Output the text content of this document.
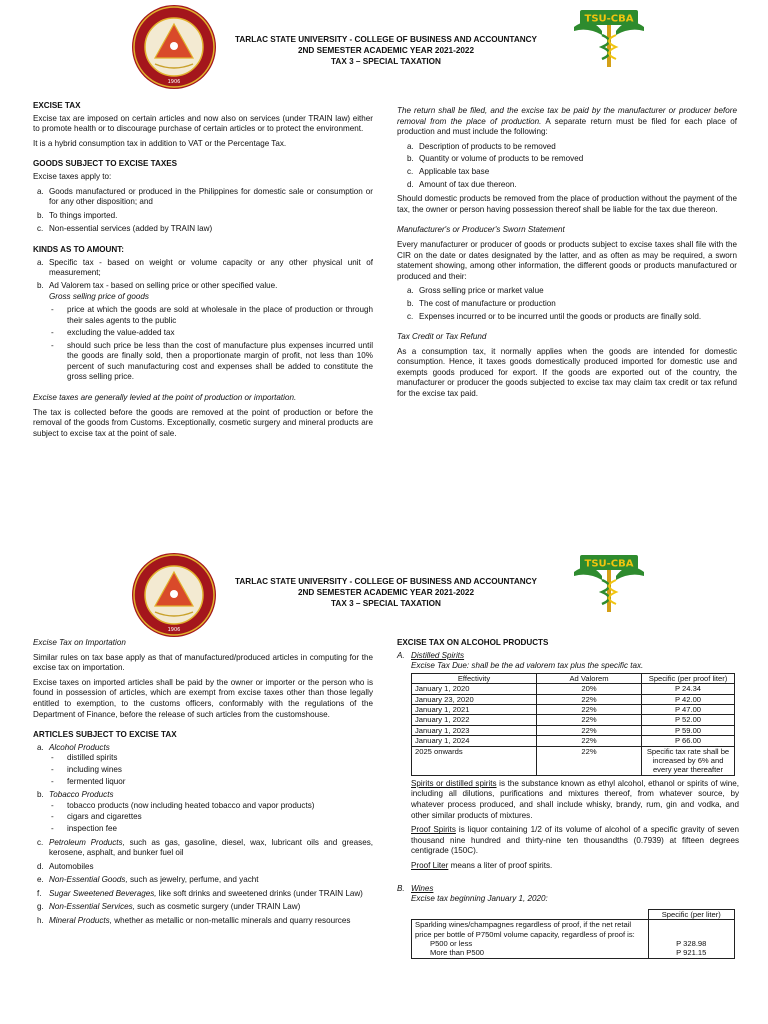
1906
TARLAC STATE UNIVERSITY - COLLEGE OF BUSINESS AND ACCOUNTANCY
2ND SEMESTER ACADEMIC YEAR 2021-2022
TAX 3 – SPECIAL TAXATION
TSU-CBA
EXCISE TAX

Excise tax are imposed on certain articles and now also on services (under TRAIN law) either to promote health or to discourage purchase of certain articles or to protect the environment.

It is a hybrid consumption tax in addition to VAT or the Percentage Tax.

GOODS SUBJECT TO EXCISE TAXES

Excise taxes apply to:

a. Goods manufactured or produced in the Philippines for domestic sale or consumption or for any other disposition; and
b. To things imported.
c. Non-essential services (added by TRAIN law)
KINDS AS TO AMOUNT:
a. Specific tax - based on weight or volume capacity or any other physical unit of measurement;
b. Ad Valorem tax - based on selling price or other specified value.
Gross selling price of goods
- price at which the goods are sold at wholesale in the place of production or through their sales agents to the public
- excluding the value-added tax
- should such price be less than the cost of manufacture plus expenses incurred until the goods are finally sold, then a proportionate margin of profit, not less than 10% percent of such manufacturing cost and expenses shall be added to constitute the gross selling price.

Excise taxes are generally levied at the point of production or importation.

The tax is collected before the goods are removed at the point of production or before the removal of the goods from Customs. Exceptionally, cosmetic surgery and mineral products are subject to excise tax at the point of sale.

The return shall be filed, and the excise tax be paid by the manufacturer or producer before removal from the place of production. A separate return must be filed for each place of production and must include the following:

a. Description of products to be removed
b. Quantity or volume of products to be removed
c. Applicable tax base
d. Amount of tax due thereon.

Should domestic products be removed from the place of production without the payment of the tax, the owner or person having possession thereof shall be liable for the tax due thereon.

Manufacturer's or Producer's Sworn Statement

Every manufacturer or producer of goods or products subject to excise taxes shall file with the CIR on the date or dates designated by the latter, and as often as may be required, a sworn statement showing, among other information, the different goods or products manufactured or produced and their:

a. Gross selling price or market value
b. The cost of manufacture or production
c. Expenses incurred or to be incurred until the goods or products are finally sold.

Tax Credit or Tax Refund

As a consumption tax, it normally applies when the goods are intended for domestic consumption. Hence, it taxes goods domestically produced imported for domestic use and exempts goods produced for export. If the goods are exported out of the country, the manufacturer or producer the goods subjected to excise tax may claim tax credit or tax refund for the excise tax paid.

1906
TARLAC STATE UNIVERSITY - COLLEGE OF BUSINESS AND ACCOUNTANCY
2ND SEMESTER ACADEMIC YEAR 2021-2022
TAX 3 – SPECIAL TAXATION
TSU-CBA

Excise Tax on Importation

Similar rules on tax base apply as that of manufactured/produced articles in computing for the excise tax on importation.

Excise taxes on imported articles shall be paid by the owner or importer or the person who is found in possession of articles, which are exempt from excise taxes other than those legally entitled to exemption, to the customs officers, conformably with the regulations of the Department of Finance, before the release of such articles from the customshouse.

ARTICLES SUBJECT TO EXCISE TAX
a. Alcohol Products
- distilled spirits
- including wines
- fermented liquor
b. Tobacco Products
- tobacco products (now including heated tobacco and vapor products)
- cigars and cigarettes
- inspection fee
c. Petroleum Products, such as gas, gasoline, diesel, wax, lubricant oils and greases, kerosene, asphalt, and bunker fuel oil
d. Automobiles
e. Non-Essential Goods, such as jewelry, perfume, and yacht
f. Sugar Sweetened Beverages, like soft drinks and sweetened drinks (under TRAIN Law)
g. Non-Essential Services, such as cosmetic surgery (under TRAIN Law)
h. Mineral Products, whether as metallic or non-metallic minerals and quarry resources
EXCISE TAX ON ALCOHOL PRODUCTS
A. Distilled Spirits
Excise Tax Due: shall be the ad valorem tax plus the specific tax.
Effectivity	Ad Valorem	Specific (per proof liter)
January 1, 2020	20%	P 24.34
January 23, 2020	22%	P 42.00
January 1, 2021	22%	P 47.00
January 1, 2022	22%	P 52.00
January 1, 2023	22%	P 59.00
January 1, 2024	22%	P 66.00
2025 onwards	22%	Specific tax rate shall be increased by 6% and every year thereafter

Spirits or distilled spirits is the substance known as ethyl alcohol, ethanol or spirits of wine, including all dilutions, purifications and mixtures thereof, from whatever source, by whatever process produced, and shall include whisky, brandy, rum, gin and vodka, and other similar products of mixtures.

Proof Spirits is liquor containing 1/2 of its volume of alcohol of a specific gravity of seven thousand nine hundred and thirty-nine ten thousandths (0.7939) at fifteen degrees centigrade (150C).

Proof Liter means a liter of proof spirits.

B. Wines
Excise tax beginning January 1, 2020:
	Specific (per liter)
Sparkling wines/champagnes regardless of proof, if the net retail price per bottle of P750ml volume capacity, regardless of proof is:	
P500 or less	P 328.98
More than P500	P 921.15
